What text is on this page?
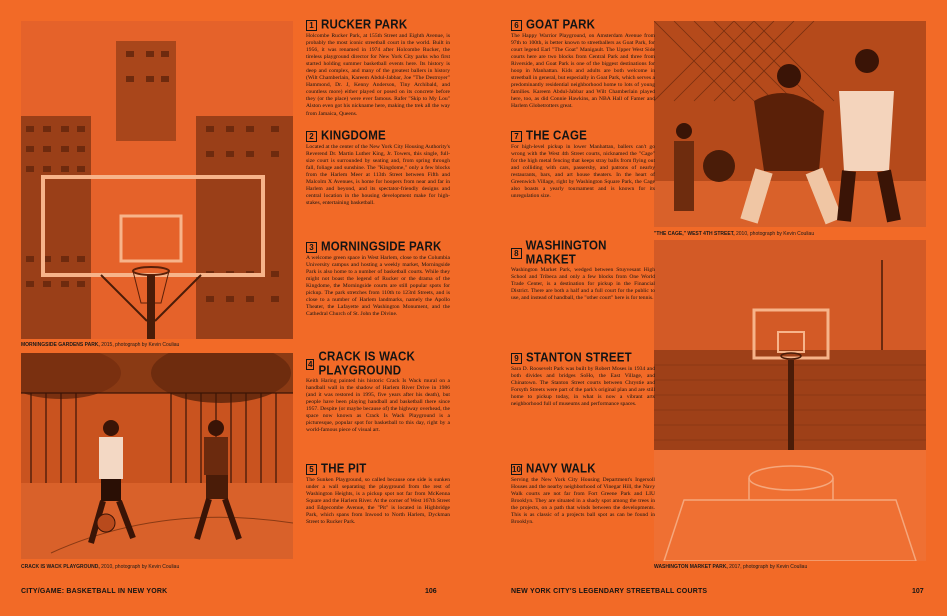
MORNINGSIDE GARDENS PARK, 2015, photograph by Kevin Couliau
CRACK IS WACK PLAYGROUND, 2010, photograph by Kevin Couliau
"THE CAGE," WEST 4TH STREET, 2010, photograph by Kevin Couliau
WASHINGTON MARKET PARK, 2017, photograph by Kevin Couliau
1 RUCKER PARK
Holcombe Rucker Park, at 155th Street and Eighth Avenue, is probably the most iconic streetball court in the world. Built in 1956, it was renamed in 1974 after Holcombe Rucker, the tireless playground director for New York City parks who first started holding summer basketball events here. Its history is deep and complex, and many of the greatest ballers in history (Wilt Chamberlain, Kareem Abdul-Jabbar, Joe "The Destroyer" Hammond, Dr. J, Kenny Anderson, Tiny Archibald, and countless more) either played or posed on its concrete before they (or the place) were ever famous. Rafer "Skip to My Lou" Alston even got his nickname here, making the trek all the way from Jamaica, Queens.
2 KINGDOME
Located at the center of the New York City Housing Authority's Reverend Dr. Martin Luther King, Jr. Towers, this single, full-size court is surrounded by seating and, from spring through fall, foliage and sunshine. The "Kingdome," only a few blocks from the Harlem Meer at 113th Street between Fifth and Malcolm X Avenues, is home for hoopers from near and far in Harlem and beyond, and its spectator-friendly designs and central location in the housing development make for high-stakes, entertaining basketball.
3 MORNINGSIDE PARK
A welcome green space in West Harlem, close to the Columbia University campus and hosting a weekly market, Morningside Park is also home to a number of basketball courts. While they might not boast the legend of Rucker or the drama of the Kingdome, the Morningside courts are still popular spots for pickup. The park stretches from 110th to 123rd Streets, and is close to a number of Harlem landmarks, namely the Apollo Theater, the Lafayette and Washington Monument, and the Cathedral Church of St. John the Divine.
4 CRACK IS WACK PLAYGROUND
Keith Haring painted his historic Crack Is Wack mural on a handball wall in the shadow of Harlem River Drive in 1986 (and it was restored in 1995, five years after his death), but people have been playing handball and basketball there since 1957. Despite (or maybe because of) the highway overhead, the space now known as Crack Is Wack Playground is a picturesque, popular spot for basketball to this day, right by a world-famous piece of visual art.
5 THE PIT
The Sunken Playground, so called because one side is sunken under a wall separating the playground from the rest of Washington Heights, is a pickup spot not far from McKenna Square and the Harlem River. At the corner of West 167th Street and Edgecombe Avenue, the "Pit" is located in Highbridge Park, which spans from Inwood to North Harlem, Dyckman Street to Rucker Park.
6 GOAT PARK
The Happy Warrior Playground, on Amsterdam Avenue from 97th to 100th, is better known to streetballers as Goat Park, for court legend Earl "The Goat" Manigault. The Upper West Side courts here are two blocks from Central Park and three from Riverside, and Goat Park is one of the biggest destinations for hoop in Manhattan. Kids and adults are both welcome in streetball in general, but especially in Goat Park, which serves a predominantly residential neighborhood home to lots of young families. Kareem Abdul-Jabbar and Wilt Chamberlain played here, too, as did Connie Hawkins, an NBA Hall of Famer and Harlem Globetrotters great.
7 THE CAGE
For high-level pickup in lower Manhattan, ballers can't go wrong with the West 4th Street courts, nicknamed the "Cage" for the high metal fencing that keeps stray balls from flying out and colliding with cars, passersby, and patrons of nearby restaurants, bars, and art house theaters. In the heart of Greenwich Village, right by Washington Square Park, the Cage also boasts a yearly tournament and is known for its unregulation size.
8 WASHINGTON MARKET
Washington Market Park, wedged between Stuyvesant High School and Tribeca and only a few blocks from One World Trade Center, is a destination for pickup in the Financial District. There are both a half and a full court for the public to use, and instead of handball, the "other court" here is for tennis.
9 STANTON STREET
Sara D. Roosevelt Park was built by Robert Moses in 1934 and both divides and bridges SoHo, the East Village, and Chinatown. The Stanton Street courts between Chrystie and Forsyth Streets were part of the park's original plan and are still home to pickup today, in what is now a vibrant arts neighborhood full of museums and performance spaces.
10 NAVY WALK
Serving the New York City Housing Department's Ingersoll Houses and the nearby neighborhood of Vinegar Hill, the Navy Walk courts are not far from Fort Greene Park and LIU Brooklyn. They are situated in a shady spot among the trees in the projects, on a path that winds between the developments. This is as classic of a projects ball spot as can be found in Brooklyn.
CITY/GAME: BASKETBALL IN NEW YORK	106	NEW YORK CITY'S LEGENDARY STREETBALL COURTS	107
